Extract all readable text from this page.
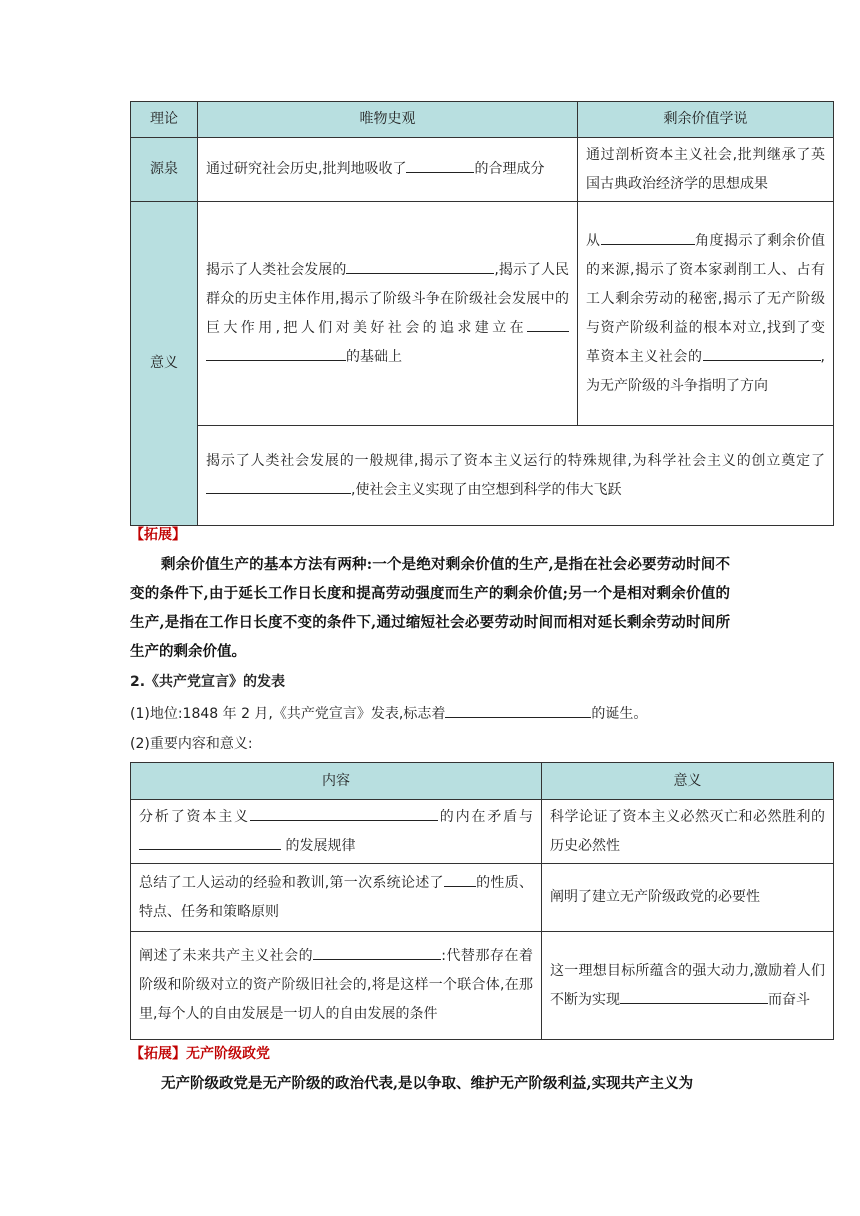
理论	唯物史观	剩余价值学说
源泉	通过研究社会历史,批判地吸收了 的合理成分	通过剖析资本主义社会,批判继承了英国古典政治经济学的思想成果
意义	揭示了人类社会发展的 ,揭示了人民群众的历史主体作用,揭示了阶级斗争在阶级社会发展中的巨大作用,把人们对美好社会的追求建立在 的基础上	从 角度揭示了剩余价值的来源,揭示了资本家剥削工人、占有工人剩余劳动的秘密,揭示了无产阶级与资产阶级利益的根本对立,找到了变革资本主义社会的 ,为无产阶级的斗争指明了方向
	揭示了人类社会发展的一般规律,揭示了资本主义运行的特殊规律,为科学社会主义的创立奠定了,使社会主义实现了由空想到科学的伟大飞跃	
【拓展】
剩余价值生产的基本方法有两种:一个是绝对剩余价值的生产,是指在社会必要劳动时间不变的条件下,由于延长工作日长度和提高劳动强度而生产的剩余价值;另一个是相对剩余价值的生产,是指在工作日长度不变的条件下,通过缩短社会必要劳动时间而相对延长剩余劳动时间所生产的剩余价值。
2.《共产党宣言》的发表
(1)地位:1848 年 2 月,《共产党宣言》发表,标志着	的诞生。
(2)重要内容和意义:
内容	意义
分析了资本主义 的内在矛盾与 的发展规律	科学论证了资本主义必然灭亡和必然胜利的历史必然性
总结了工人运动的经验和教训,第一次系统论述了 的性质、特点、任务和策略原则	阐明了建立无产阶级政党的必要性
阐述了未来共产主义社会的 :代替那存在着阶级和阶级对立的资产阶级旧社会的,将是这样一个联合体,在那里,每个人的自由发展是一切人的自由发展的条件	这一理想目标所蕴含的强大动力,激励着人们不断为实现 而奋斗
【拓展】无产阶级政党
无产阶级政党是无产阶级的政治代表,是以争取、维护无产阶级利益,实现共产主义为
